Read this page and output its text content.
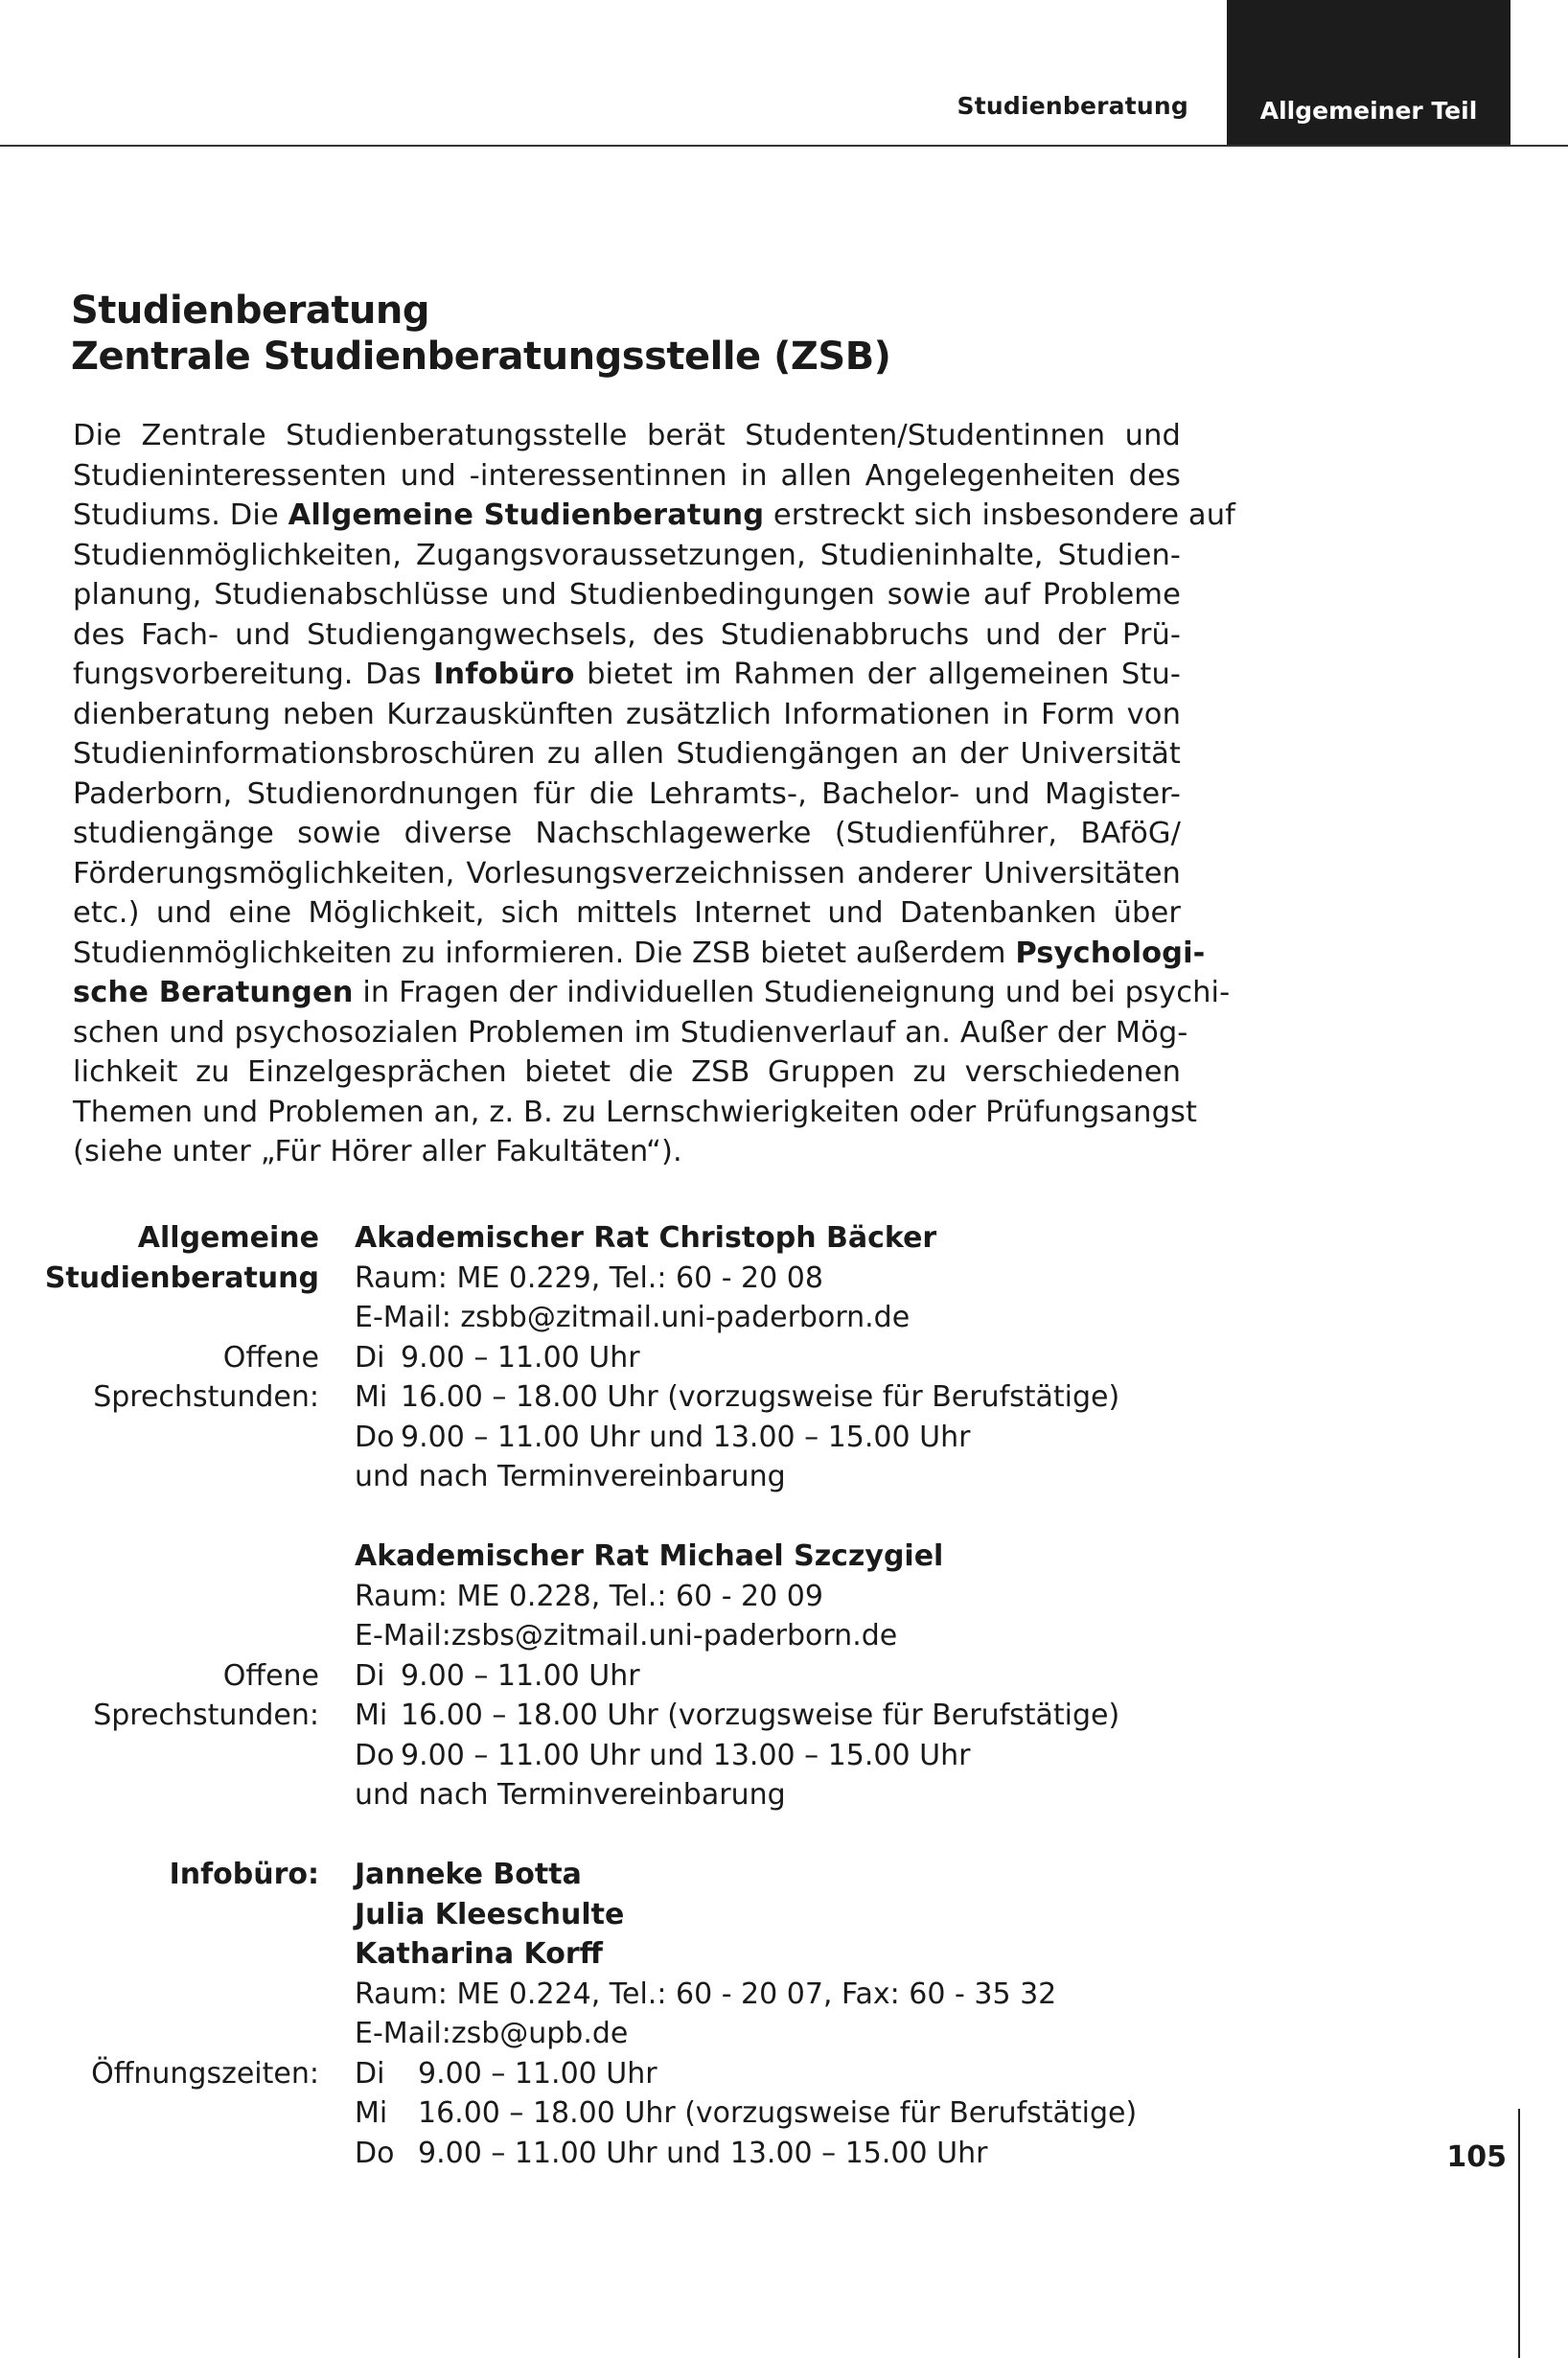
Studienberatung	Allgemeiner Teil
Studienberatung
Zentrale Studienberatungsstelle (ZSB)
Die Zentrale Studienberatungsstelle berät Studenten/Studentinnen und
Studieninteressenten und -interessentinnen in allen Angelegenheiten des
Studiums. Die Allgemeine Studienberatung erstreckt sich insbesondere auf
Studienmöglichkeiten, Zugangsvoraussetzungen, Studieninhalte, Studien-
planung, Studienabschlüsse und Studienbedingungen sowie auf Probleme
des Fach- und Studiengangwechsels, des Studienabbruchs und der Prü-
fungsvorbereitung. Das Infobüro bietet im Rahmen der allgemeinen Stu-
dienberatung neben Kurzauskünften zusätzlich Informationen in Form von
Studieninformationsbroschüren zu allen Studiengängen an der Universität
Paderborn, Studienordnungen für die Lehramts-, Bachelor- und Magister-
studiengänge sowie diverse Nachschlagewerke (Studienführer, BAföG/
Förderungsmöglichkeiten, Vorlesungsverzeichnissen anderer Universitäten
etc.) und eine Möglichkeit, sich mittels Internet und Datenbanken über
Studienmöglichkeiten zu informieren. Die ZSB bietet außerdem Psychologi-
sche Beratungen in Fragen der individuellen Studieneignung und bei psychi-
schen und psychosozialen Problemen im Studienverlauf an. Außer der Mög-
lichkeit zu Einzelgesprächen bietet die ZSB Gruppen zu verschiedenen
Themen und Problemen an, z. B. zu Lernschwierigkeiten oder Prüfungsangst
(siehe unter „Für Hörer aller Fakultäten“).
Allgemeine	Akademischer Rat Christoph Bäcker
Studienberatung	Raum: ME 0.229, Tel.: 60 - 20 08
E-Mail: zsbb@zitmail.uni-paderborn.de
Offene	Di 9.00 – 11.00 Uhr
Sprechstunden:	Mi 16.00 – 18.00 Uhr (vorzugsweise für Berufstätige)
Do 9.00 – 11.00 Uhr und 13.00 – 15.00 Uhr
und nach Terminvereinbarung
Akademischer Rat Michael Szczygiel
Raum: ME 0.228, Tel.: 60 - 20 09
E-Mail:zsbs@zitmail.uni-paderborn.de
Offene	Di 9.00 – 11.00 Uhr
Sprechstunden:	Mi 16.00 – 18.00 Uhr (vorzugsweise für Berufstätige)
Do 9.00 – 11.00 Uhr und 13.00 – 15.00 Uhr
und nach Terminvereinbarung
Infobüro:	Janneke Botta
Julia Kleeschulte
Katharina Korff
Raum: ME 0.224, Tel.: 60 - 20 07, Fax: 60 - 35 32
E-Mail:zsb@upb.de
Öffnungszeiten:	Di 9.00 – 11.00 Uhr
Mi 16.00 – 18.00 Uhr (vorzugsweise für Berufstätige)
Do 9.00 – 11.00 Uhr und 13.00 – 15.00 Uhr	105
